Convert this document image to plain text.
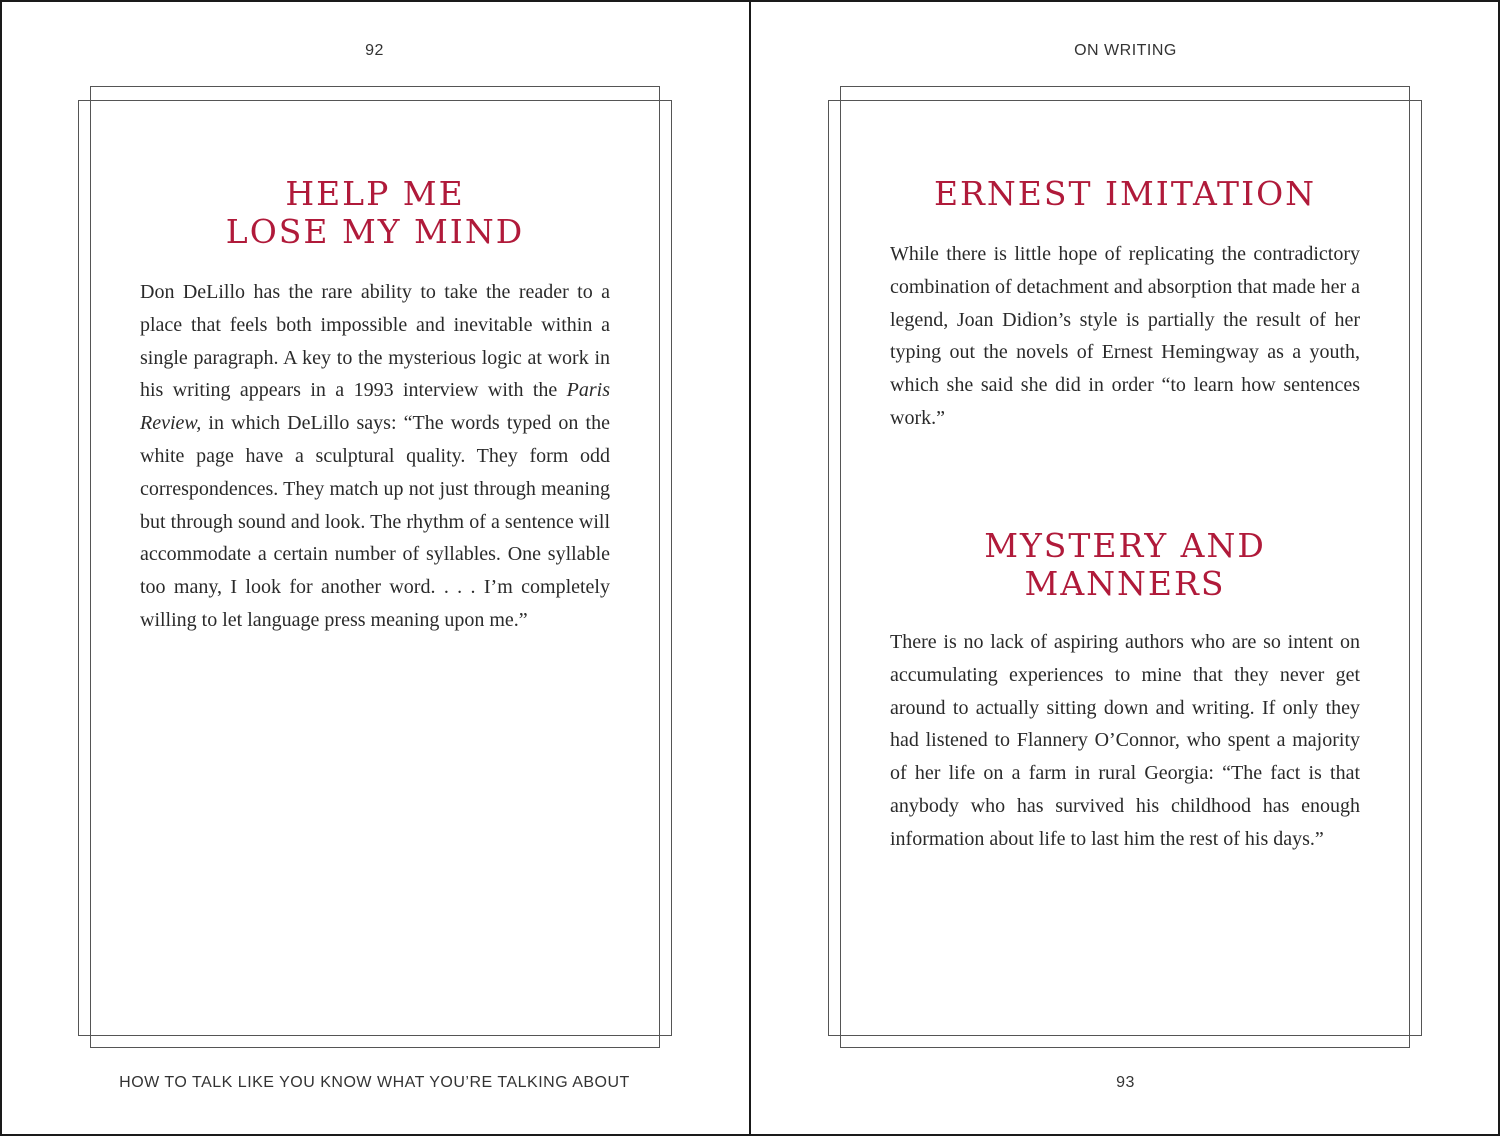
92
HELP ME
LOSE MY MIND

Don DeLillo has the rare ability to take the reader to a place that feels both impossible and inevitable within a single paragraph. A key to the mysterious logic at work in his writing appears in a 1993 interview with the Paris Review, in which DeLillo says: “The words typed on the white page have a sculptural quality. They form odd correspondences. They match up not just through meaning but through sound and look. The rhythm of a sentence will accommodate a certain number of syllables. One syllable too many, I look for another word. . . . I’m completely willing to let language press meaning upon me.”

HOW TO TALK LIKE YOU KNOW WHAT YOU’RE TALKING ABOUT
ON WRITING
ERNEST IMITATION

While there is little hope of replicating the contradictory combination of detachment and absorption that made her a legend, Joan Didion’s style is partially the result of her typing out the novels of Ernest Hemingway as a youth, which she said she did in order “to learn how sentences work.”

MYSTERY AND
MANNERS

There is no lack of aspiring authors who are so intent on accumulating experiences to mine that they never get around to actually sitting down and writing. If only they had listened to Flannery O’Connor, who spent a majority of her life on a farm in rural Georgia: “The fact is that anybody who has survived his childhood has enough information about life to last him the rest of his days.”

93
